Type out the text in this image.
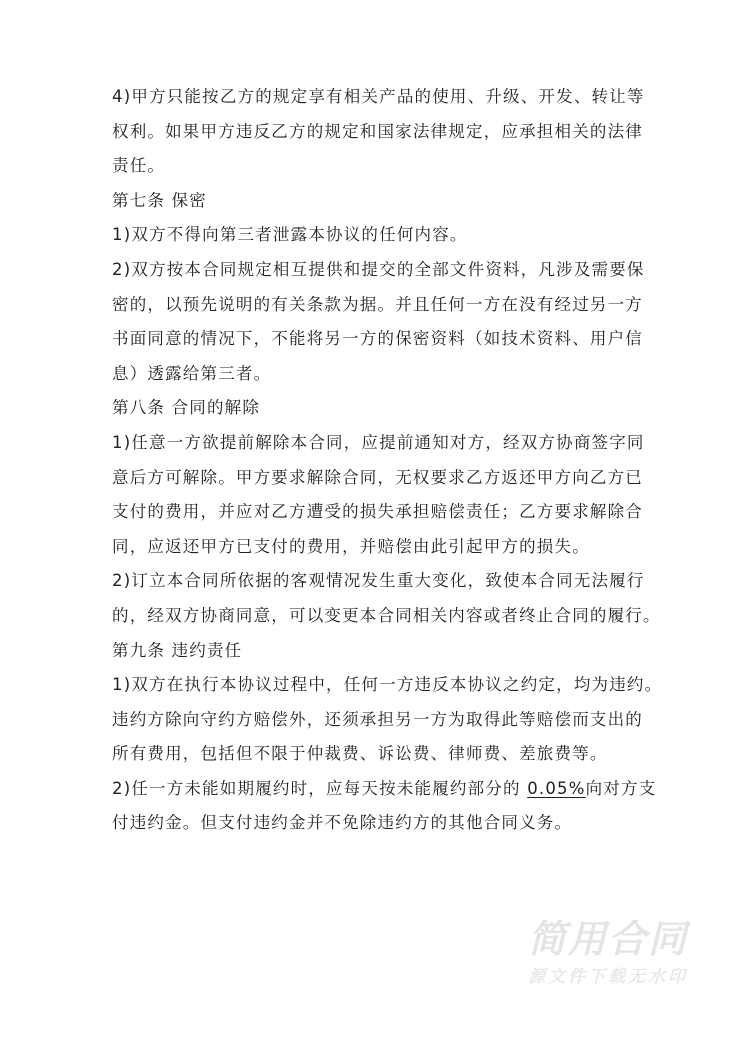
4)甲方只能按乙方的规定享有相关产品的使用、升级、开发、转让等
权利。如果甲方违反乙方的规定和国家法律规定，应承担相关的法律
责任。
第七条 保密
1)双方不得向第三者泄露本协议的任何内容。
2)双方按本合同规定相互提供和提交的全部文件资料，凡涉及需要保
密的，以预先说明的有关条款为据。并且任何一方在没有经过另一方
书面同意的情况下，不能将另一方的保密资料（如技术资料、用户信
息）透露给第三者。
第八条 合同的解除
1)任意一方欲提前解除本合同，应提前通知对方，经双方协商签字同
意后方可解除。甲方要求解除合同，无权要求乙方返还甲方向乙方已
支付的费用，并应对乙方遭受的损失承担赔偿责任；乙方要求解除合
同，应返还甲方已支付的费用，并赔偿由此引起甲方的损失。
2)订立本合同所依据的客观情况发生重大变化，致使本合同无法履行
的，经双方协商同意，可以变更本合同相关内容或者终止合同的履行。
第九条 违约责任
1)双方在执行本协议过程中，任何一方违反本协议之约定，均为违约。
违约方除向守约方赔偿外，还须承担另一方为取得此等赔偿而支出的
所有费用，包括但不限于仲裁费、诉讼费、律师费、差旅费等。
2)任一方未能如期履约时，应每天按未能履约部分的 0.05%向对方支
付违约金。但支付违约金并不免除违约方的其他合同义务。
简用合同
源文件下载无水印
